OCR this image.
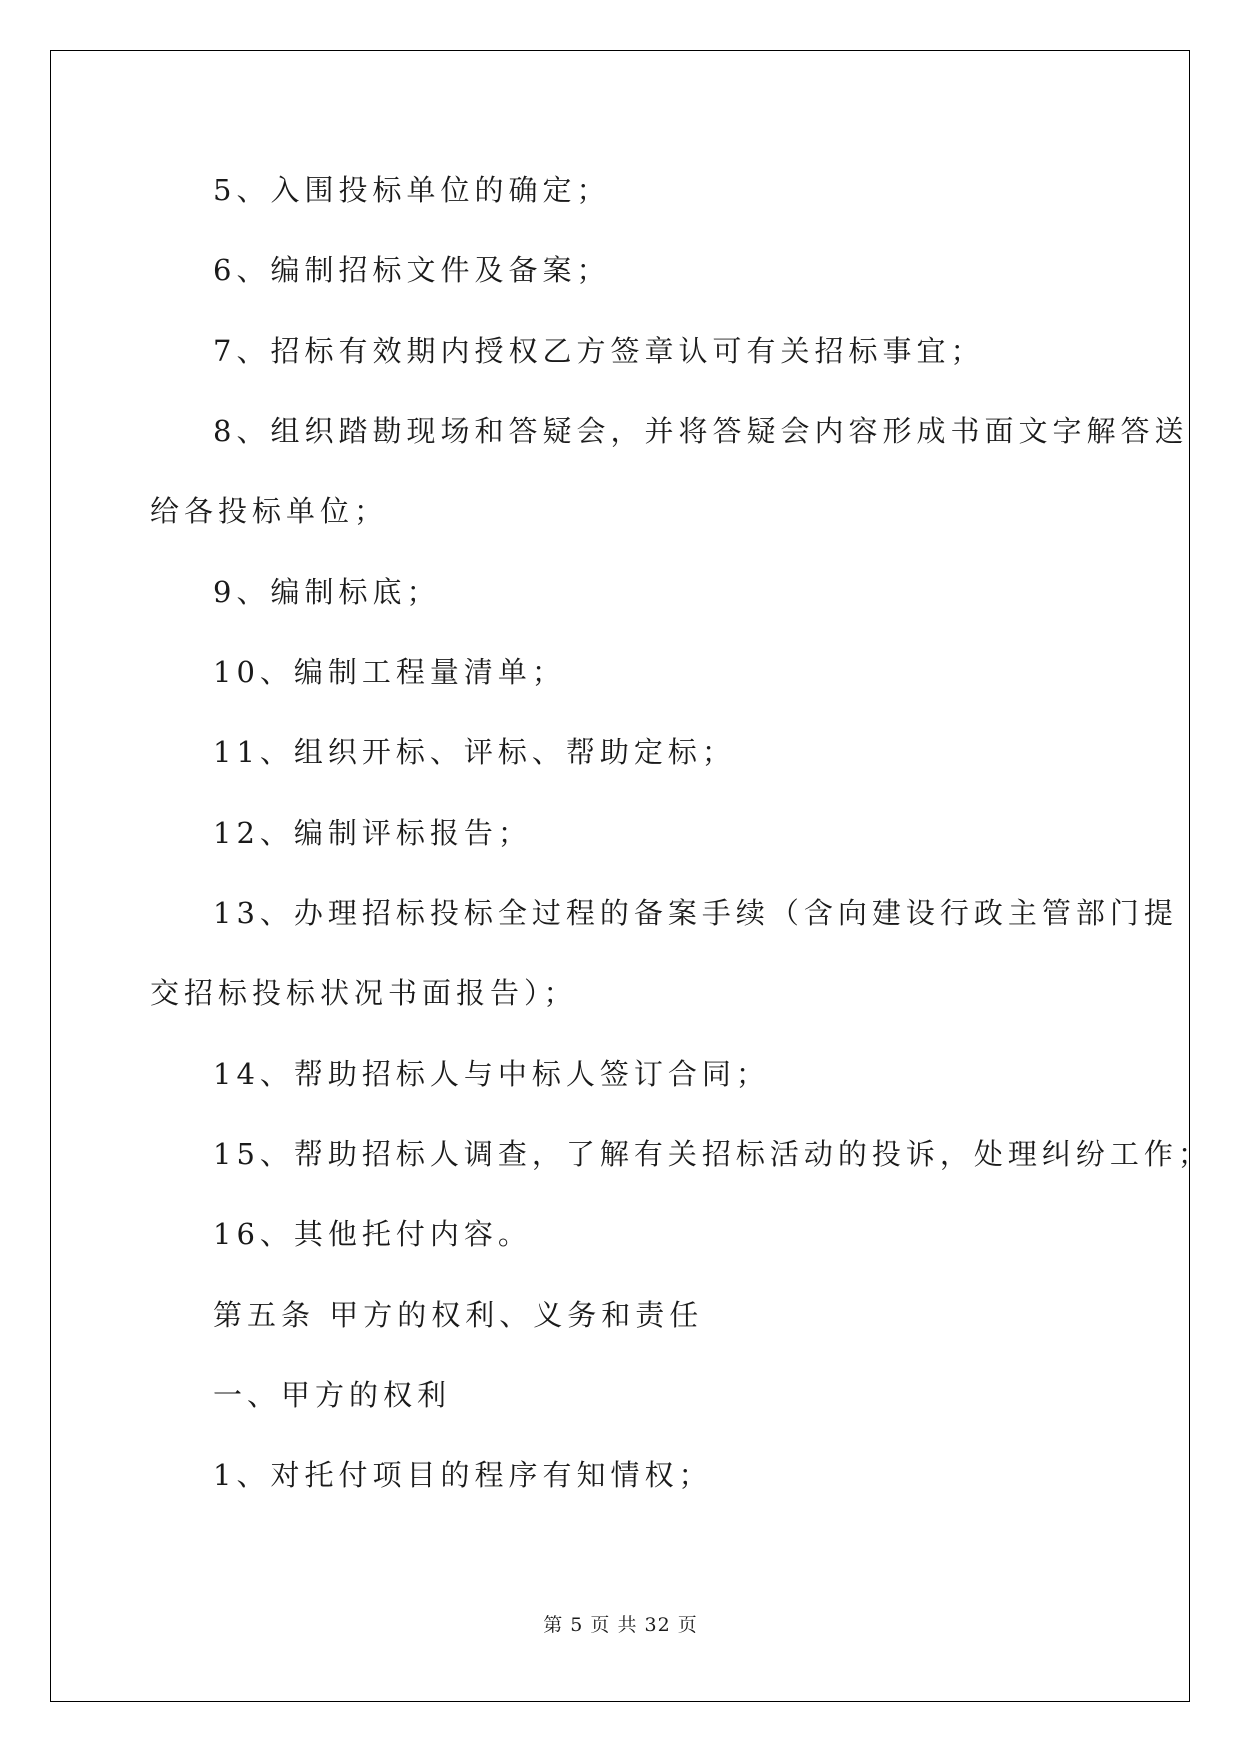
5、入围投标单位的确定；
6、编制招标文件及备案；
7、招标有效期内授权乙方签章认可有关招标事宜；
8、组织踏勘现场和答疑会，并将答疑会内容形成书面文字解答送
给各投标单位；
9、编制标底；
10、编制工程量清单；
11、组织开标、评标、帮助定标；
12、编制评标报告；
13、办理招标投标全过程的备案手续（含向建设行政主管部门提
交招标投标状况书面报告）；
14、帮助招标人与中标人签订合同；
15、帮助招标人调查，了解有关招标活动的投诉，处理纠纷工作；
16、其他托付内容。
第五条 甲方的权利、义务和责任
一、甲方的权利
1、对托付项目的程序有知情权；
第 5 页 共 32 页
